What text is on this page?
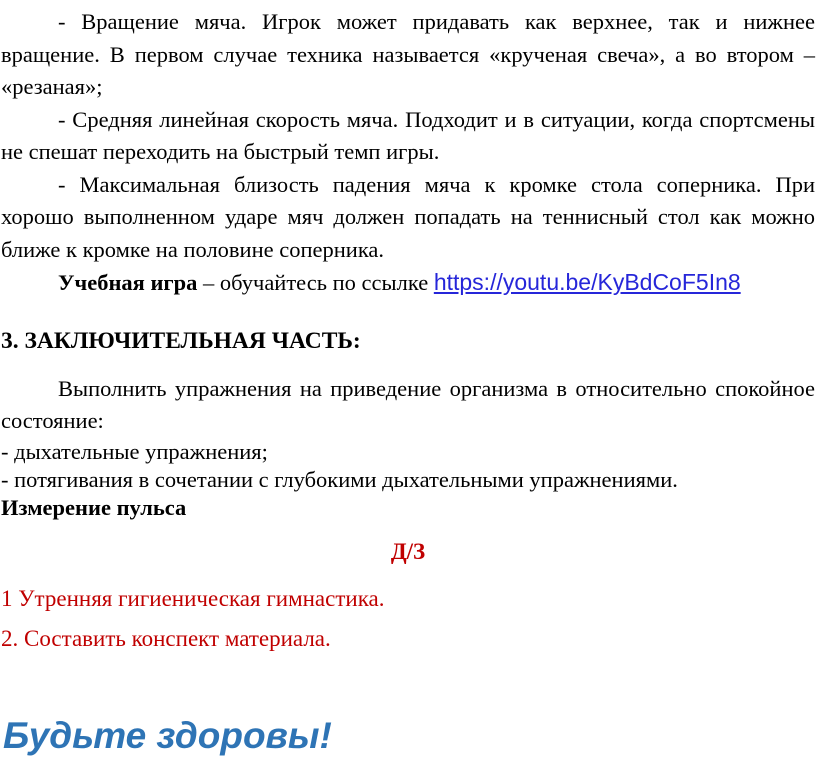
- Вращение мяча. Игрок может придавать как верхнее, так и нижнее вращение. В первом случае техника называется «крученая свеча», а во втором – «резаная»;

- Средняя линейная скорость мяча. Подходит и в ситуации, когда спортсмены не спешат переходить на быстрый темп игры.

- Максимальная близость падения мяча к кромке стола соперника. При хорошо выполненном ударе мяч должен попадать на теннисный стол как можно ближе к кромке на половине соперника.

Учебная игра – обучайтесь по ссылке https://youtu.be/KyBdCoF5In8

3. ЗАКЛЮЧИТЕЛЬНАЯ ЧАСТЬ:

Выполнить упражнения на приведение организма в относительно спокойное состояние:

- дыхательные упражнения;

- потягивания в сочетании с глубокими дыхательными упражнениями.

Измерение пульса

Д/З

1 Утренняя гигиеническая гимнастика.

2. Составить конспект материала.

Будьте здоровы!
